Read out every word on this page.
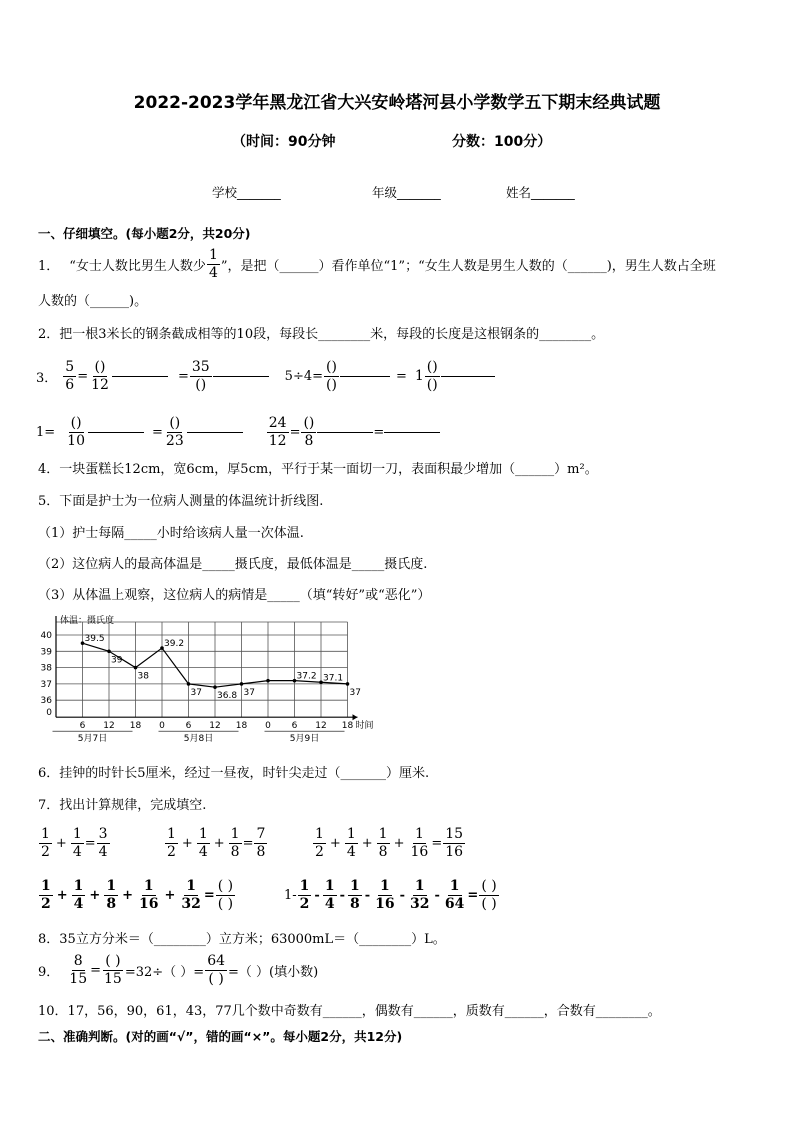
2022-2023学年黑龙江省大兴安岭塔河县小学数学五下期末经典试题
（时间：90分钟	分数：100分）
学校_______	年级_______	姓名_______
一、仔细填空。(每小题2分，共20分)
1． “女士人数比男生人数少
1
4 ”，是把（______）看作单位“1”；“女生人数是男生人数的（______)，男生人数占全班
人数的（______)。
2．把一根3米长的钢条截成相等的10段，每段长________米，每段的长度是这根钢条的________。
3． $\frac{5}{6}$ =
()
12
=
35
()
5÷4=
()
()
= 1
()
()
1=
()
10
=
()
23	$\frac{24}{12}$ =
()
8
=
4．一块蛋糕长12cm，宽6cm，厚5cm，平行于某一面切一刀，表面积最少增加（______）m²。
5．下面是护士为一位病人测量的体温统计折线图.
（1）护士每隔_____小时给该病人量一次体温.
（2）这位病人的最高体温是_____摄氏度，最低体温是_____摄氏度.
（3）从体温上观察，这位病人的病情是_____（填“转好”或“恶化”）
体温：摄氏度
40
39
38
37
36
0
6 12 18 0 6 12 18 0 6 12 18 时间
5月7日	5月8日	5月9日
39.5
39
38
39.2
37 36.8 37
37.2 37.1
37
6．挂钟的时针长5厘米，经过一昼夜，时针尖走过（_______）厘米.
7．找出计算规律，完成填空.
1
2
+ $\frac{1}{4} = \frac{3}{4}$	1
2
+ $\frac{1}{4} + \frac{1}{8} = \frac{7}{8}$	1
2
+ $\frac{1}{4} + \frac{1}{8} + \frac{1}{16} = \frac{15}{16}$
1
2
+ $\frac{1}{4} + \frac{1}{8} + \frac{1}{16} + \frac{1}{32}$ =
( )
( )
1-
1
2
-
1
4
-
1
8
-
1
16
-
1
32
- $\frac{1}{64}$ =
( )
( )
8．35立方分米＝（________）立方米；63000mL＝（________）L。
9． $\frac{8}{15}$ =
( )
15 =32÷（ ）=
64
( ) =（ ）(填小数)
10．17，56，90，61，43，77几个数中奇数有______，偶数有______，质数有______，合数有________。
二、准确判断。(对的画“√”，错的画“×”。每小题2分，共12分)
